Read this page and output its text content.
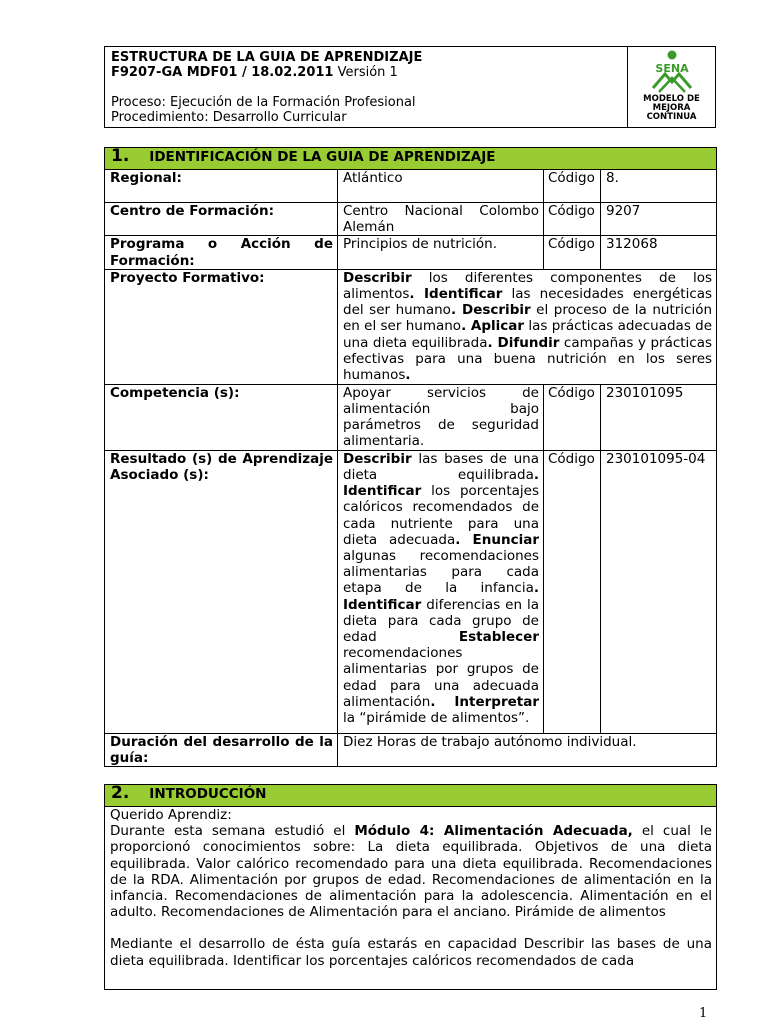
ESTRUCTURA DE LA GUIA DE APRENDIZAJE
F9207-GA MDF01 / 18.02.2011 Versión 1
Proceso: Ejecución de la Formación Profesional
Procedimiento: Desarrollo Curricular
SENA
MODELO DE MEJORA CONTINUA
1. IDENTIFICACIÓN DE LA GUIA DE APRENDIZAJE			
Regional:	Atlántico	Código	8.
Centro de Formación:	Centro Nacional Colombo Alemán	Código	9207
Programa o Acción de Formación:	Principios de nutrición.	Código	312068
Proyecto Formativo:	Describir los diferentes componentes de los alimentos. Identificar las necesidades energéticas del ser humano. Describir el proceso de la nutrición en el ser humano. Aplicar las prácticas adecuadas de una dieta equilibrada. Difundir campañas y prácticas efectivas para una buena nutrición en los seres humanos.		
Competencia (s):	Apoyar servicios de alimentación bajo parámetros de seguridad alimentaria.	Código	230101095
Resultado (s) de Aprendizaje Asociado (s):	Describir las bases de una dieta equilibrada. Identificar los porcentajes calóricos recomendados de cada nutriente para una dieta adecuada. Enunciar algunas recomendaciones alimentarias para cada etapa de la infancia. Identificar diferencias en la dieta para cada grupo de edad Establecer recomendaciones alimentarias por grupos de edad para una adecuada alimentación. Interpretar la “pirámide de alimentos”.	Código	230101095-04
Duración del desarrollo de la guía:	Diez Horas de trabajo autónomo individual.		
2. INTRODUCCIÓN

Querido Aprendiz:
Durante esta semana estudió el Módulo 4: Alimentación Adecuada, el cual le proporcionó conocimientos sobre: La dieta equilibrada. Objetivos de una dieta equilibrada. Valor calórico recomendado para una dieta equilibrada. Recomendaciones de la RDA. Alimentación por grupos de edad. Recomendaciones de alimentación en la infancia. Recomendaciones de alimentación para la adolescencia. Alimentación en el adulto. Recomendaciones de Alimentación para el anciano. Pirámide de alimentos
Mediante el desarrollo de ésta guía estarás en capacidad Describir las bases de una dieta equilibrada. Identificar los porcentajes calóricos recomendados de cada
1
